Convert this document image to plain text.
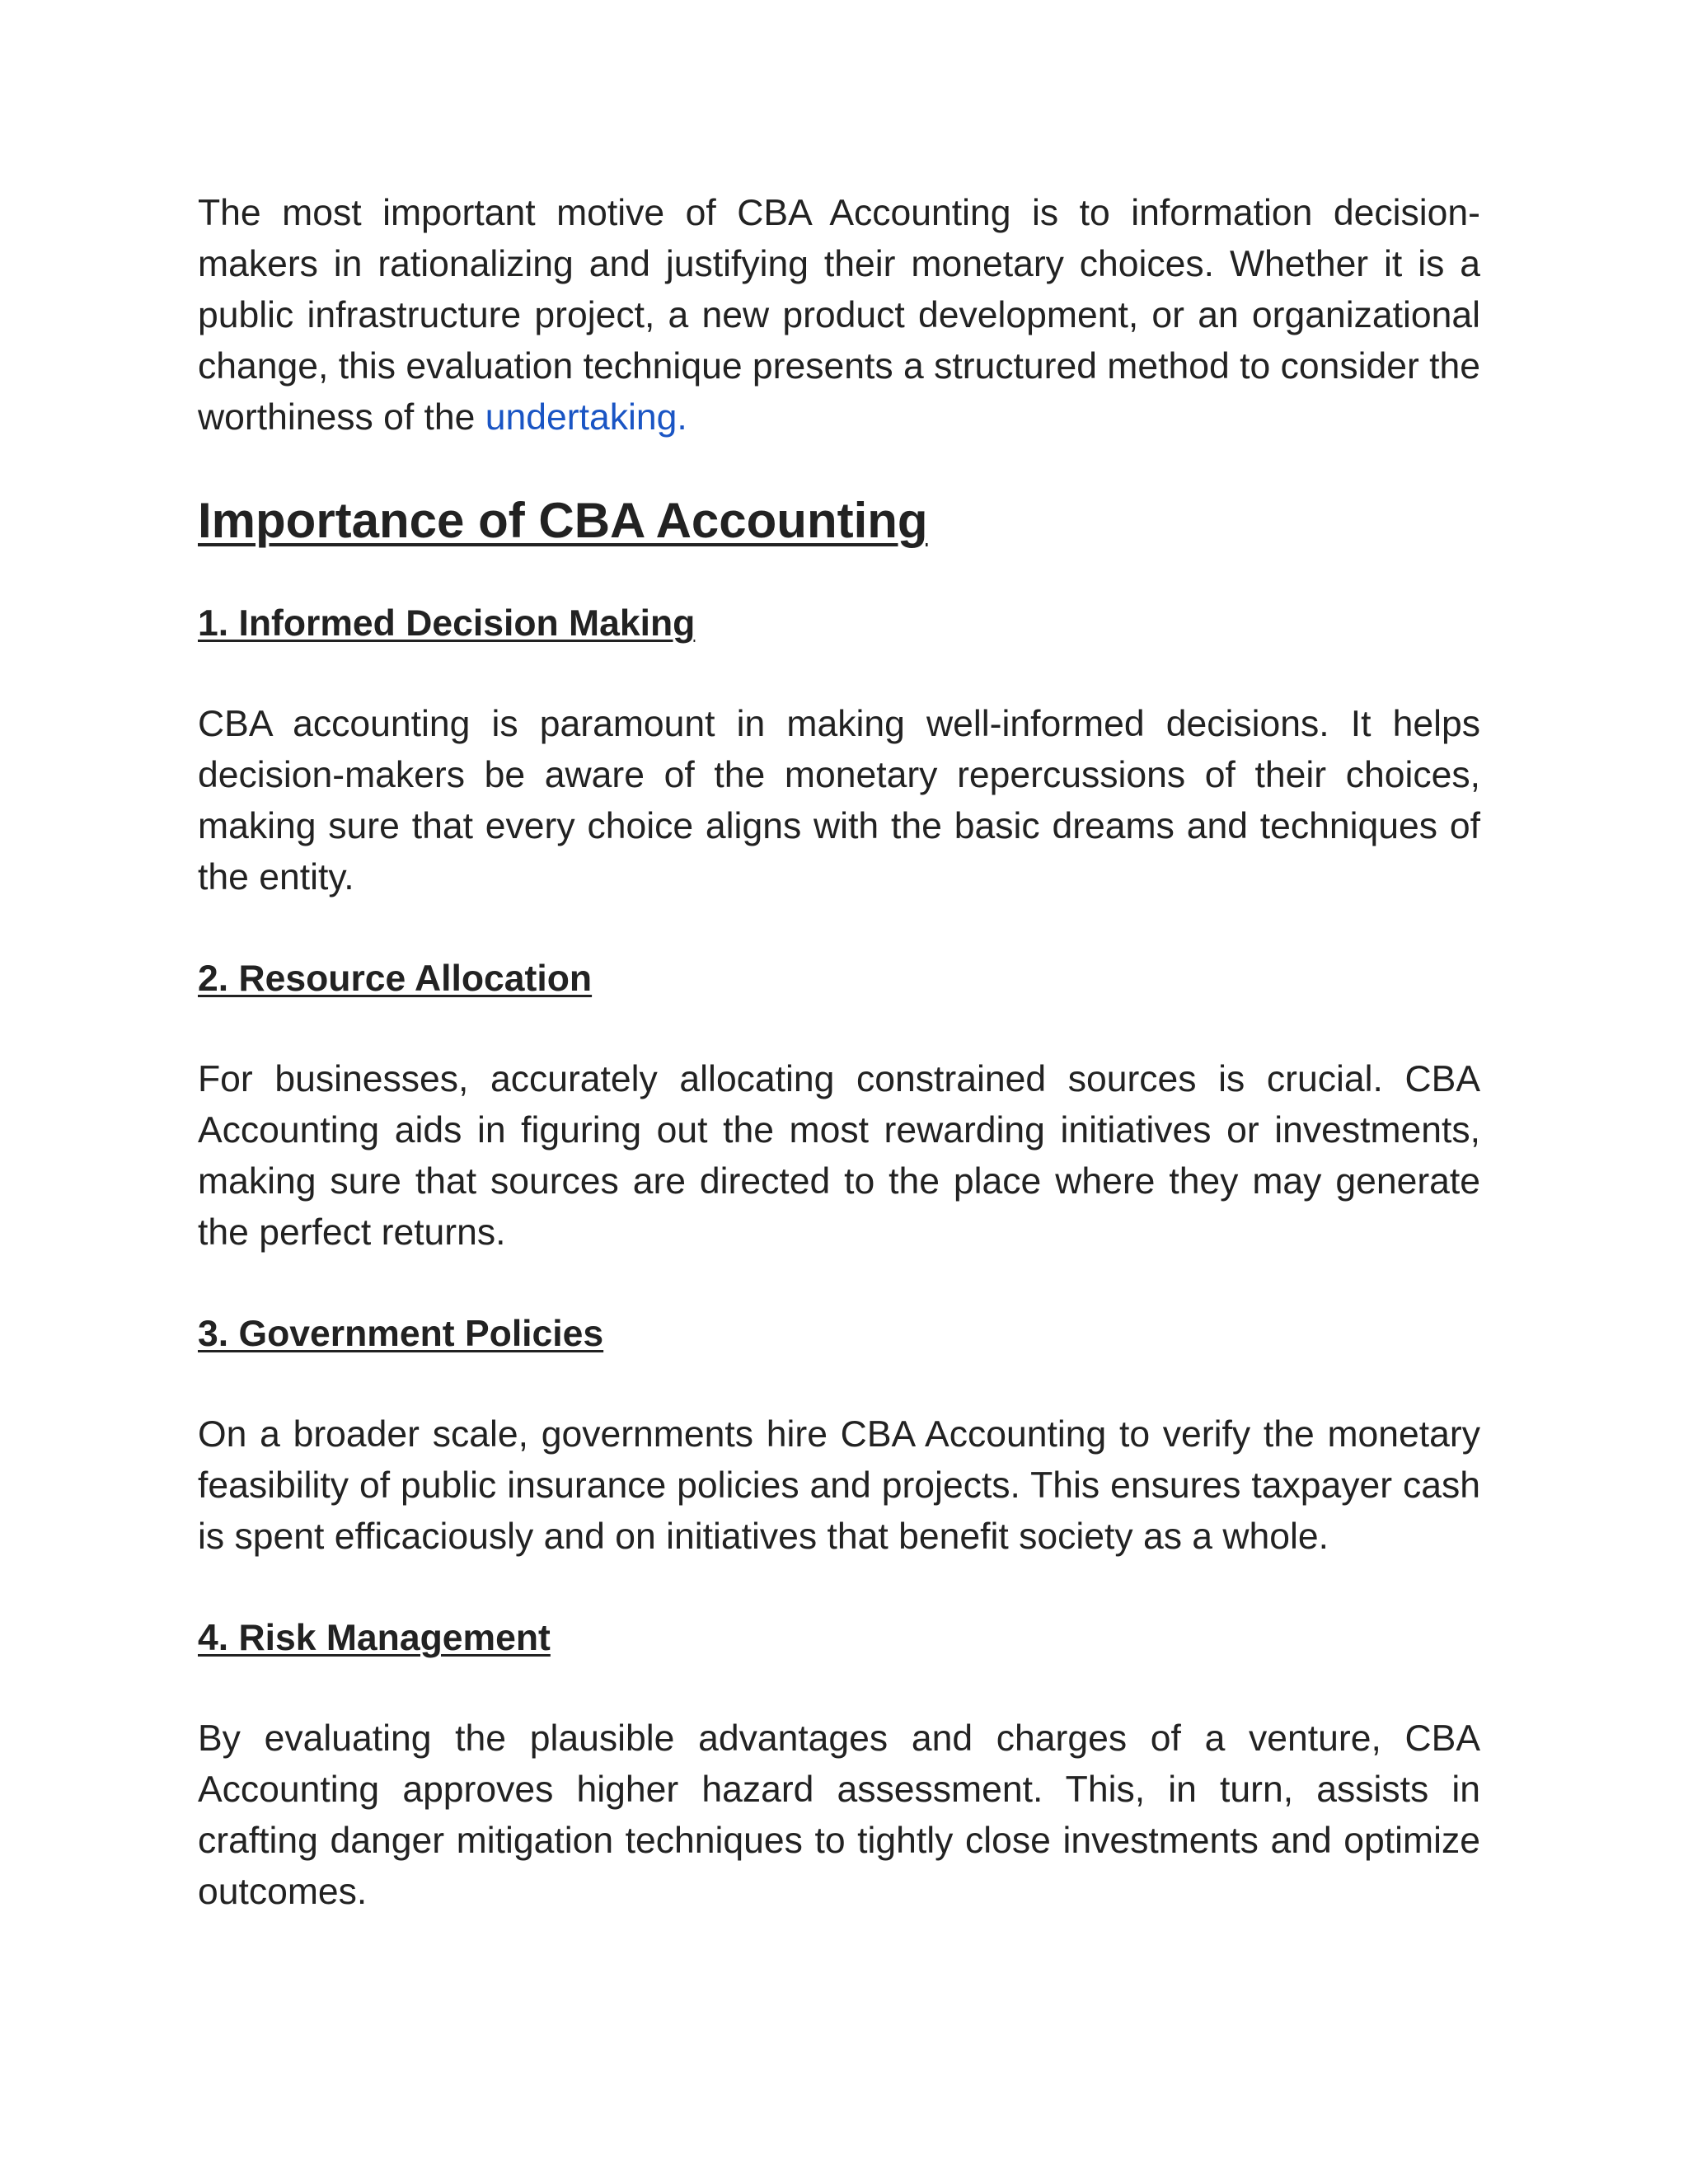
The most important motive of CBA Accounting is to information decision-makers in rationalizing and justifying their monetary choices. Whether it is a public infrastructure project, a new product development, or an organizational change, this evaluation technique presents a structured method to consider the worthiness of the undertaking.

Importance of CBA Accounting
1. Informed Decision Making

CBA accounting is paramount in making well-informed decisions. It helps decision-makers be aware of the monetary repercussions of their choices, making sure that every choice aligns with the basic dreams and techniques of the entity.

2. Resource Allocation

For businesses, accurately allocating constrained sources is crucial. CBA Accounting aids in figuring out the most rewarding initiatives or investments, making sure that sources are directed to the place where they may generate the perfect returns.

3. Government Policies

On a broader scale, governments hire CBA Accounting to verify the monetary feasibility of public insurance policies and projects. This ensures taxpayer cash is spent efficaciously and on initiatives that benefit society as a whole.

4. Risk Management

By evaluating the plausible advantages and charges of a venture, CBA Accounting approves higher hazard assessment. This, in turn, assists in crafting danger mitigation techniques to tightly close investments and optimize outcomes.
